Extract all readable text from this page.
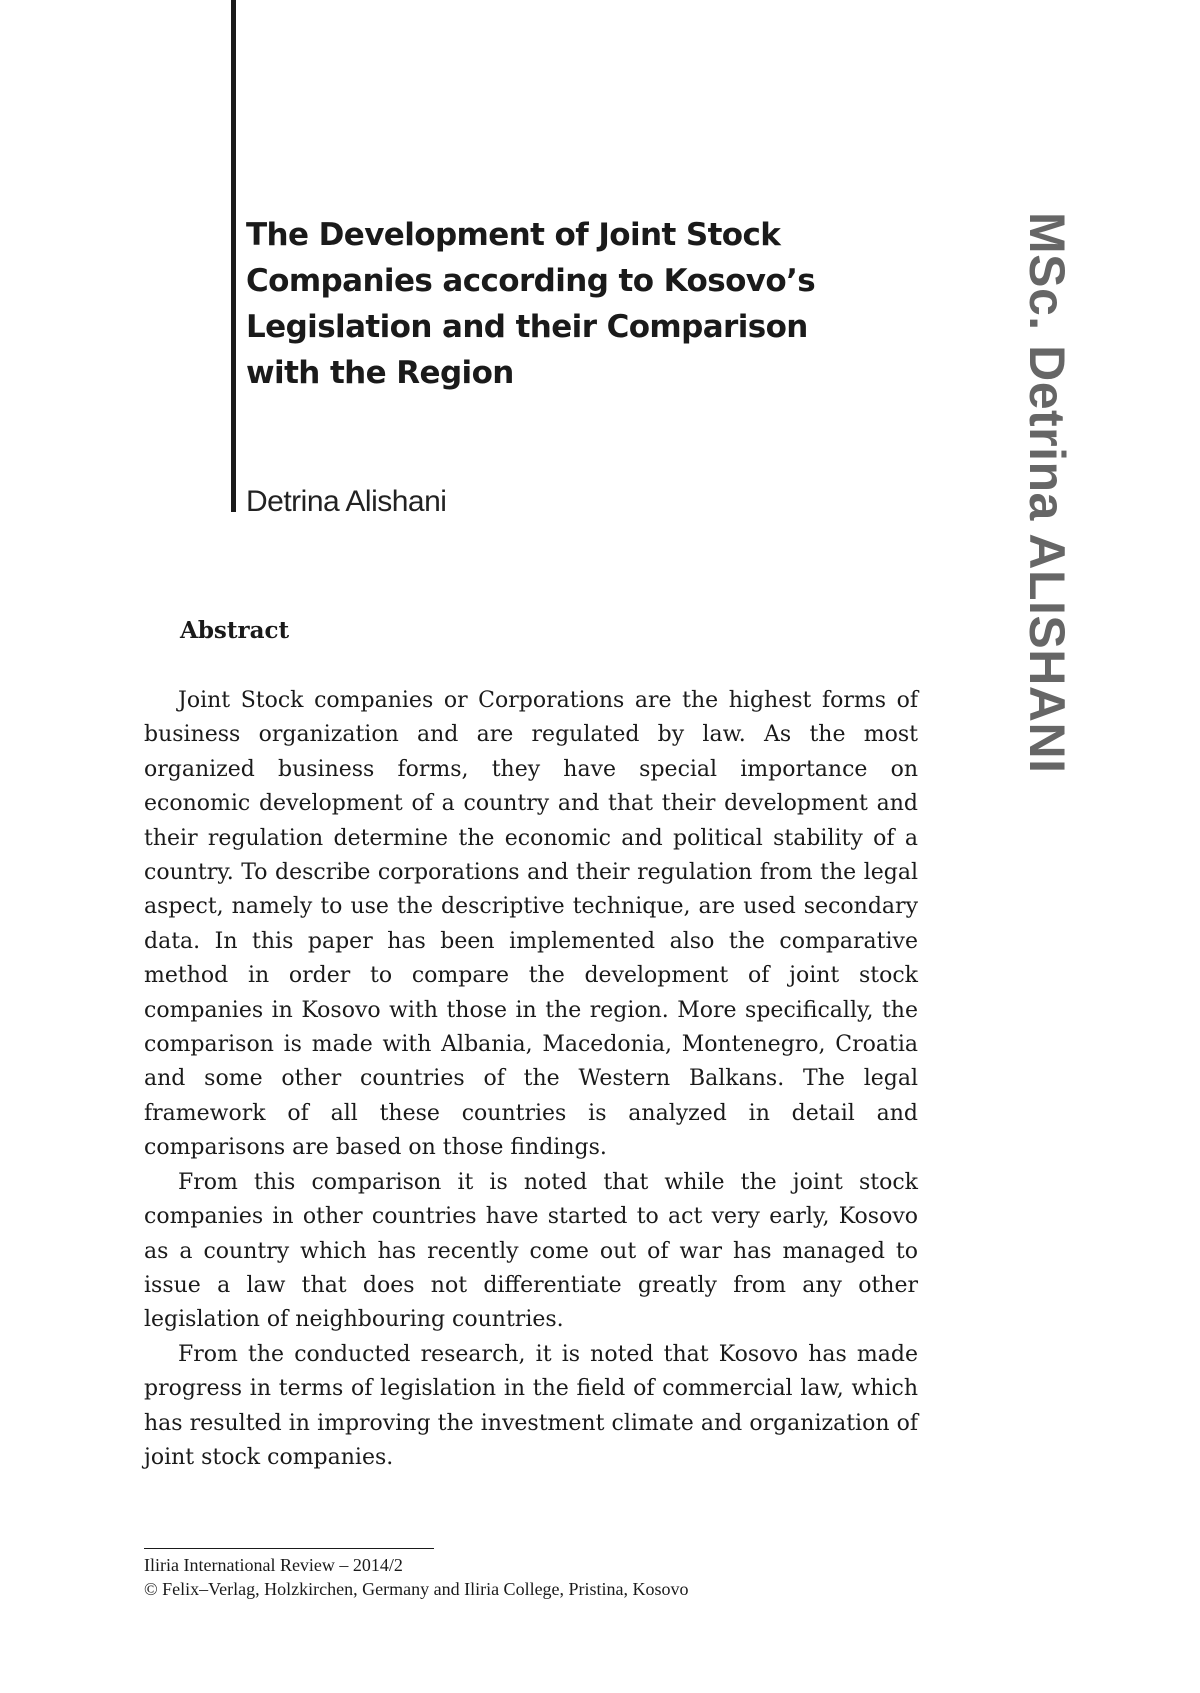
The Development of Joint Stock Companies according to Kosovo’s Legislation and their Comparison with the Region
Detrina Alishani	MSc. Detrina ALISHANI
Abstract

Joint Stock companies or Corporations are the highest forms of business organization and are regulated by law. As the most organized business forms, they have special importance on economic development of a country and that their development and their regulation determine the economic and political stability of a country. To describe corporations and their regulation from the legal aspect, namely to use the descriptive technique, are used secondary data. In this paper has been implemented also the comparative method in order to compare the development of joint stock companies in Kosovo with those in the region. More specifically, the comparison is made with Albania, Macedonia, Montenegro, Croatia and some other countries of the Western Balkans. The legal framework of all these countries is analyzed in detail and comparisons are based on those findings.

From this comparison it is noted that while the joint stock companies in other countries have started to act very early, Kosovo as a country which has recently come out of war has managed to issue a law that does not differentiate greatly from any other legislation of neighbouring countries.

From the conducted research, it is noted that Kosovo has made progress in terms of legislation in the field of commercial law, which has resulted in improving the investment climate and organization of joint stock companies.

Iliria International Review – 2014/2
© Felix–Verlag, Holzkirchen, Germany and Iliria College, Pristina, Kosovo
